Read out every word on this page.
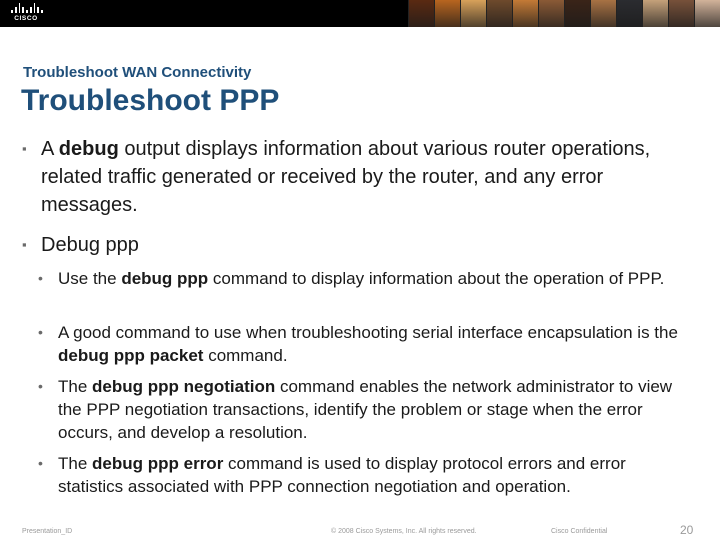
CISCO
Troubleshoot WAN Connectivity
Troubleshoot PPP
▪ A debug output displays information about various router operations, related traffic generated or received by the router, and any error messages.
▪ Debug ppp
• Use the debug ppp command to display information about the operation of PPP.
• A good command to use when troubleshooting serial interface encapsulation is the debug ppp packet command.
• The debug ppp negotiation command enables the network administrator to view the PPP negotiation transactions, identify the problem or stage when the error occurs, and develop a resolution.
• The debug ppp error command is used to display protocol errors and error statistics associated with PPP connection negotiation and operation.
Presentation_ID	© 2008 Cisco Systems, Inc. All rights reserved.	Cisco Confidential	20
